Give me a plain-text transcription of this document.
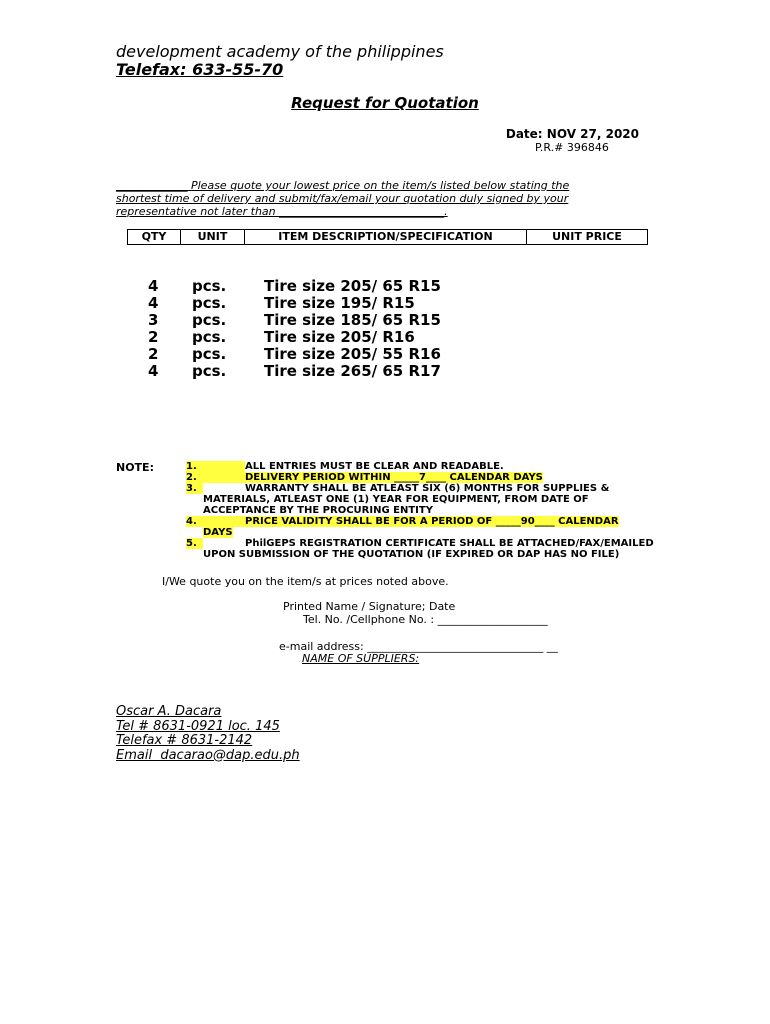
development academy of the philippines
Telefax: 633-55-70
Request for Quotation
Date: NOV 27, 2020
P.R.# 396846
_____________ Please quote your lowest price on the item/s listed below stating the
shortest time of delivery and submit/fax/email your quotation duly signed by your
representative not later than ______________________________.
QTY	UNIT	ITEM DESCRIPTION/SPECIFICATION	UNIT PRICE
4	pcs.	Tire size 205/ 65 R15
4	pcs.	Tire size 195/ R15
3	pcs.	Tire size 185/ 65 R15
2	pcs.	Tire size 205/ R16
2	pcs.	Tire size 205/ 55 R16
4	pcs.	Tire size 265/ 65 R17
NOTE:	1.	ALL ENTRIES MUST BE CLEAR AND READABLE.
2.	DELIVERY PERIOD WITHIN _____7____ CALENDAR DAYS
3.	WARRANTY SHALL BE ATLEAST SIX (6) MONTHS FOR SUPPLIES &
MATERIALS, ATLEAST ONE (1) YEAR FOR EQUIPMENT, FROM DATE OF
ACCEPTANCE BY THE PROCURING ENTITY
4.	PRICE VALIDITY SHALL BE FOR A PERIOD OF _____90____ CALENDAR
DAYS
5.	PhilGEPS REGISTRATION CERTIFICATE SHALL BE ATTACHED/FAX/EMAILED
UPON SUBMISSION OF THE QUOTATION (IF EXPIRED OR DAP HAS NO FILE)
I/We quote you on the item/s at prices noted above.
Printed Name / Signature; Date
Tel. No. /Cellphone No. : ____________________
e-mail address: ________________________________ __
NAME OF SUPPLIERS:
Oscar A. Dacara
Tel # 8631-0921 loc. 145
Telefax # 8631-2142
Email  dacarao@dap.edu.ph
